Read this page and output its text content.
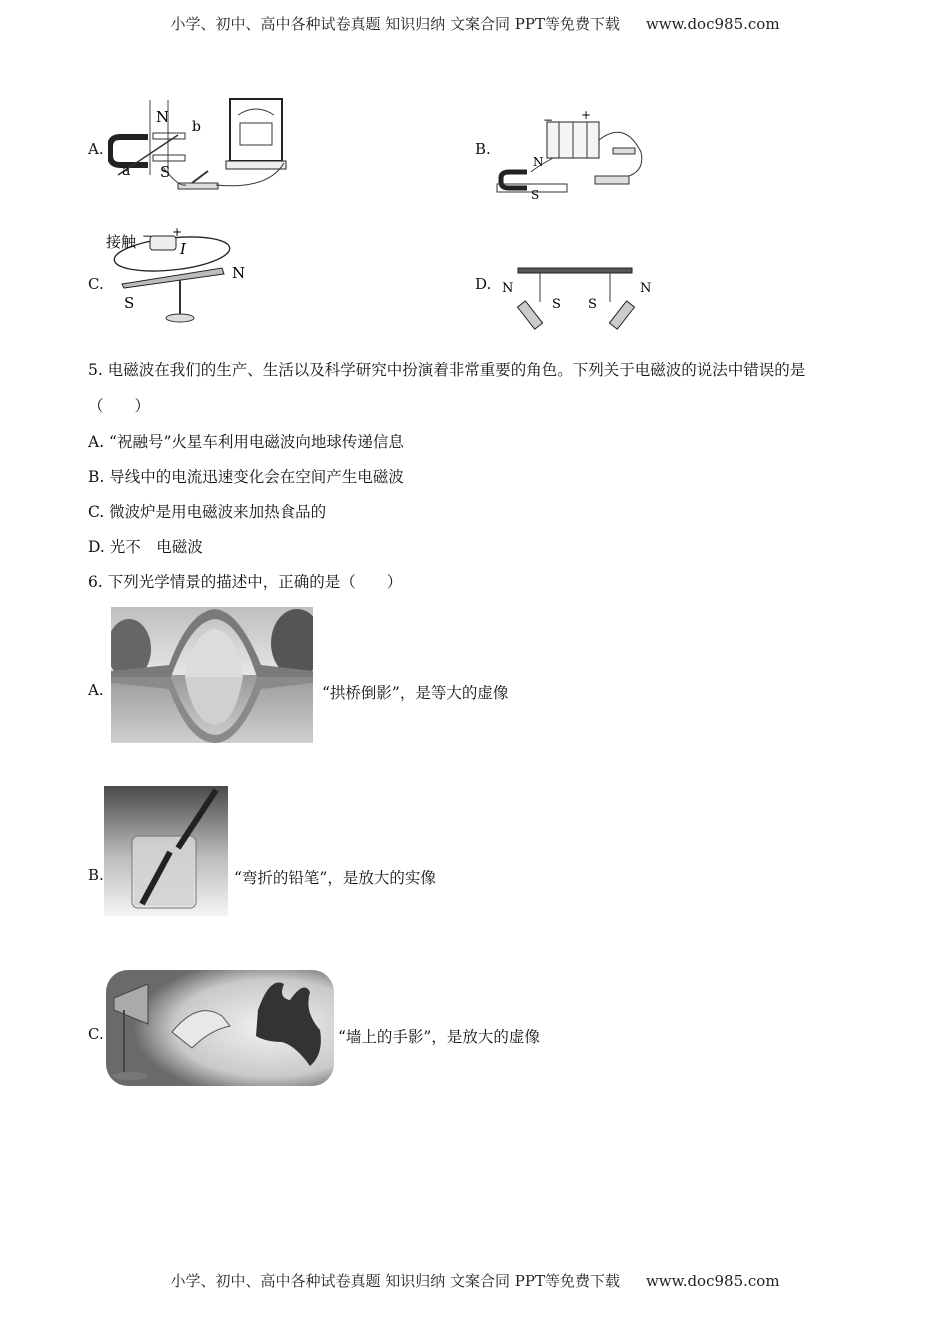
小学、初中、高中各种试卷真题 知识归纳 文案合同 PPT等免费下载 www.doc985.com
小学、初中、高中各种试卷真题 知识归纳 文案合同 PPT等免费下载 www.doc985.com
A.
N
S
a
b
B.
− +
N
S
C.
接触 − +
I
N
S
D. N
S S
N
5. 电磁波在我们的生产、生活以及科学研究中扮演着非常重要的角色。下列关于电磁波的说法中错误的是
（　　）
A. “祝融号”火星车利用电磁波向地球传递信息
B. 导线中的电流迅速变化会在空间产生电磁波
C. 微波炉是用电磁波来加热食品的
D. 光不　电磁波
6. 下列光学情景的描述中，正确的是（　　）
A.	“拱桥倒影”，是等大的虚像
B.	“弯折的铅笔”，是放大的实像
C.	“墙上的手影”，是放大的虚像
